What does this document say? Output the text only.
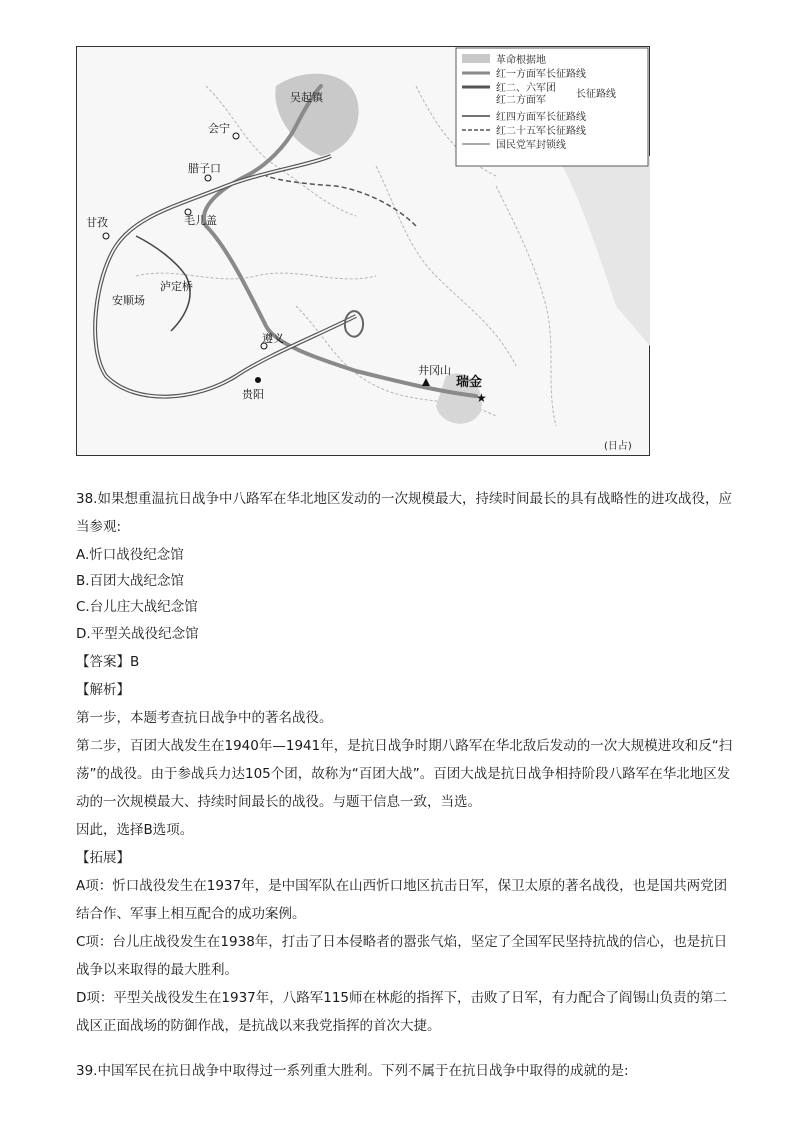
革命根据地
红一方面军长征路线
红二、六军团
红二方面军
长征路线
红四方面军长征路线
红二十五军长征路线
国民党军封锁线
吴起镇
会宁
腊子口
毛儿盖
甘孜
泸定桥
安顺场
遵义
贵阳
井冈山
瑞金
★
(日占)
38.如果想重温抗日战争中八路军在华北地区发动的一次规模最大，持续时间最长的具有战略性的进攻战役，应
当参观:
A.忻口战役纪念馆
B.百团大战纪念馆
C.台儿庄大战纪念馆
D.平型关战役纪念馆
【答案】B
【解析】
第一步，本题考查抗日战争中的著名战役。
第二步，百团大战发生在1940年—1941年，是抗日战争时期八路军在华北敌后发动的一次大规模进攻和反“扫
荡”的战役。由于参战兵力达105个团，故称为“百团大战”。百团大战是抗日战争相持阶段八路军在华北地区发
动的一次规模最大、持续时间最长的战役。与题干信息一致，当选。
因此，选择B选项。
【拓展】
A项：忻口战役发生在1937年，是中国军队在山西忻口地区抗击日军，保卫太原的著名战役，也是国共两党团
结合作、军事上相互配合的成功案例。
C项：台儿庄战役发生在1938年，打击了日本侵略者的嚣张气焰，坚定了全国军民坚持抗战的信心，也是抗日
战争以来取得的最大胜利。
D项：平型关战役发生在1937年，八路军115师在林彪的指挥下，击败了日军，有力配合了阎锡山负责的第二
战区正面战场的防御作战，是抗战以来我党指挥的首次大捷。
39.中国军民在抗日战争中取得过一系列重大胜利。下列不属于在抗日战争中取得的成就的是:
